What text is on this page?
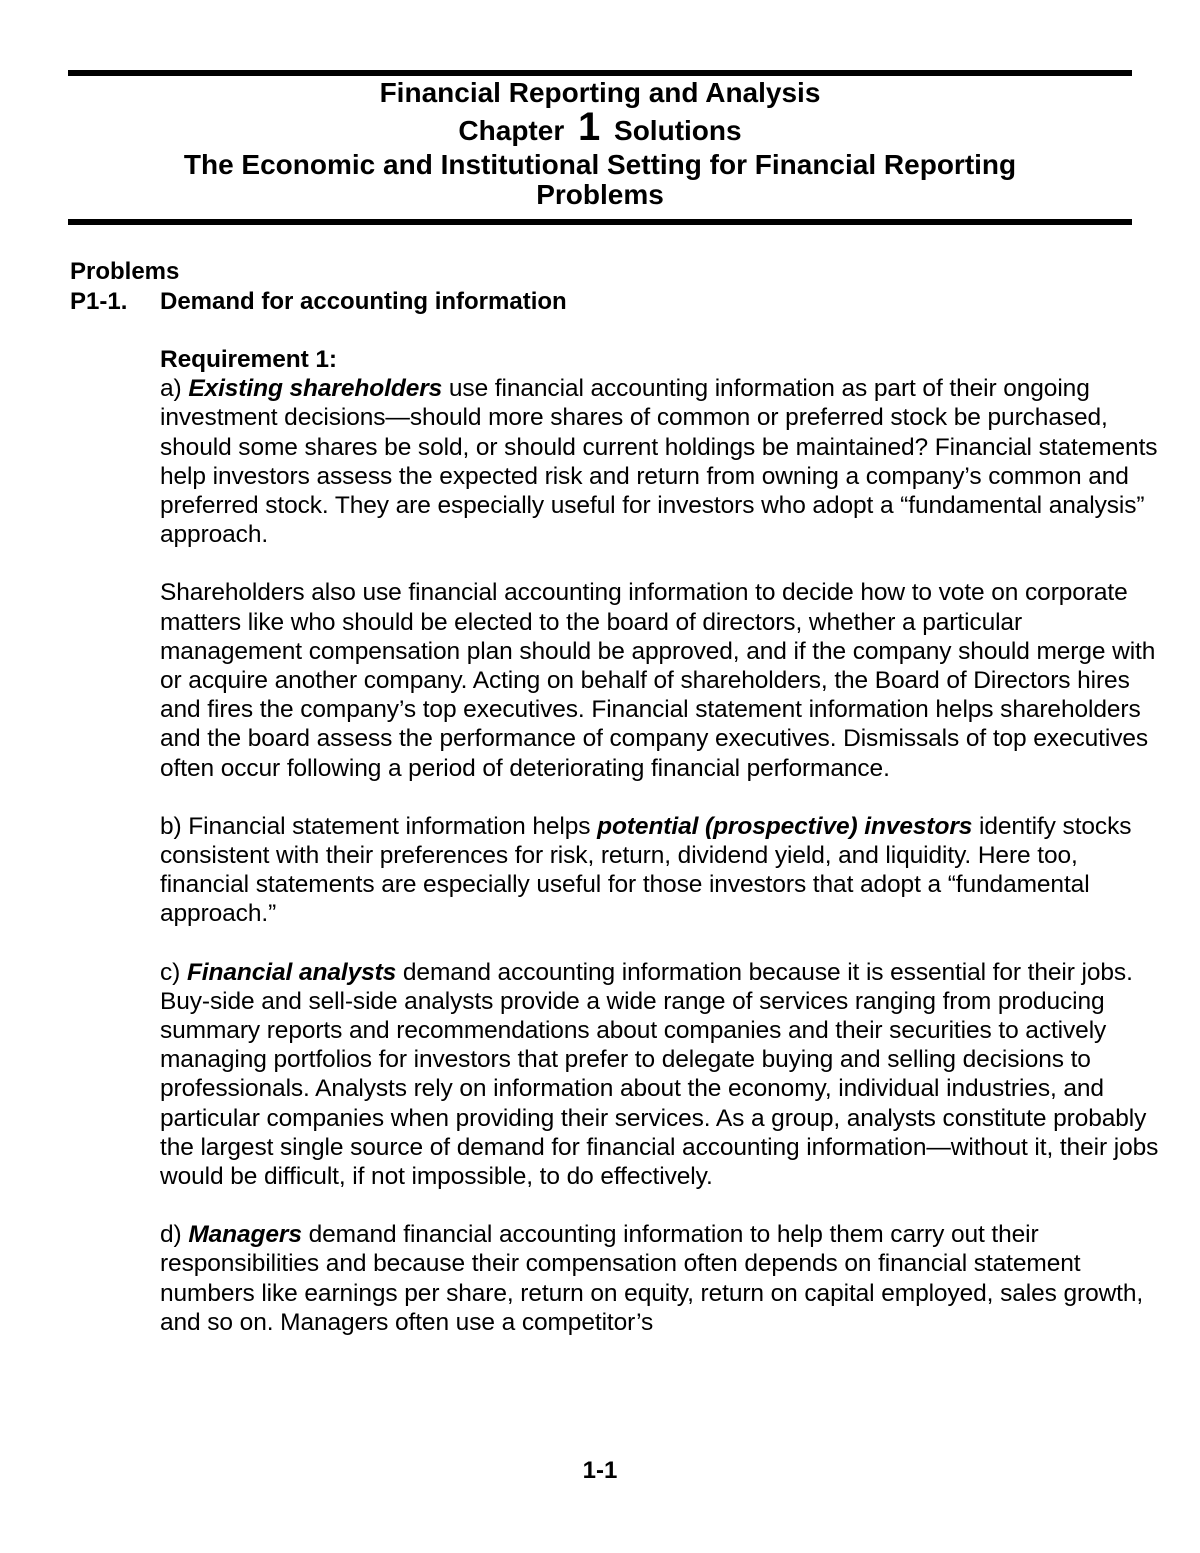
Financial Reporting and Analysis
Chapter 1 Solutions
The Economic and Institutional Setting for Financial Reporting
Problems
Problems
P1-1. Demand for accounting information

Requirement 1:

a) Existing shareholders use financial accounting information as part of their ongoing investment decisions—should more shares of common or preferred stock be purchased, should some shares be sold, or should current holdings be maintained? Financial statements help investors assess the expected risk and return from owning a company’s common and preferred stock. They are especially useful for investors who adopt a “fundamental analysis” approach.

Shareholders also use financial accounting information to decide how to vote on corporate matters like who should be elected to the board of directors, whether a particular management compensation plan should be approved, and if the company should merge with or acquire another company. Acting on behalf of shareholders, the Board of Directors hires and fires the company’s top executives. Financial statement information helps shareholders and the board assess the performance of company executives. Dismissals of top executives often occur following a period of deteriorating financial performance.

b) Financial statement information helps potential (prospective) investors identify stocks consistent with their preferences for risk, return, dividend yield, and liquidity. Here too, financial statements are especially useful for those investors that adopt a “fundamental approach.”

c) Financial analysts demand accounting information because it is essential for their jobs. Buy-side and sell-side analysts provide a wide range of services ranging from producing summary reports and recommendations about companies and their securities to actively managing portfolios for investors that prefer to delegate buying and selling decisions to professionals. Analysts rely on information about the economy, individual industries, and particular companies when providing their services. As a group, analysts constitute probably the largest single source of demand for financial accounting information—without it, their jobs would be difficult, if not impossible, to do effectively.

d) Managers demand financial accounting information to help them carry out their responsibilities and because their compensation often depends on financial statement numbers like earnings per share, return on equity, return on capital employed, sales growth, and so on. Managers often use a competitor’s

1-1
